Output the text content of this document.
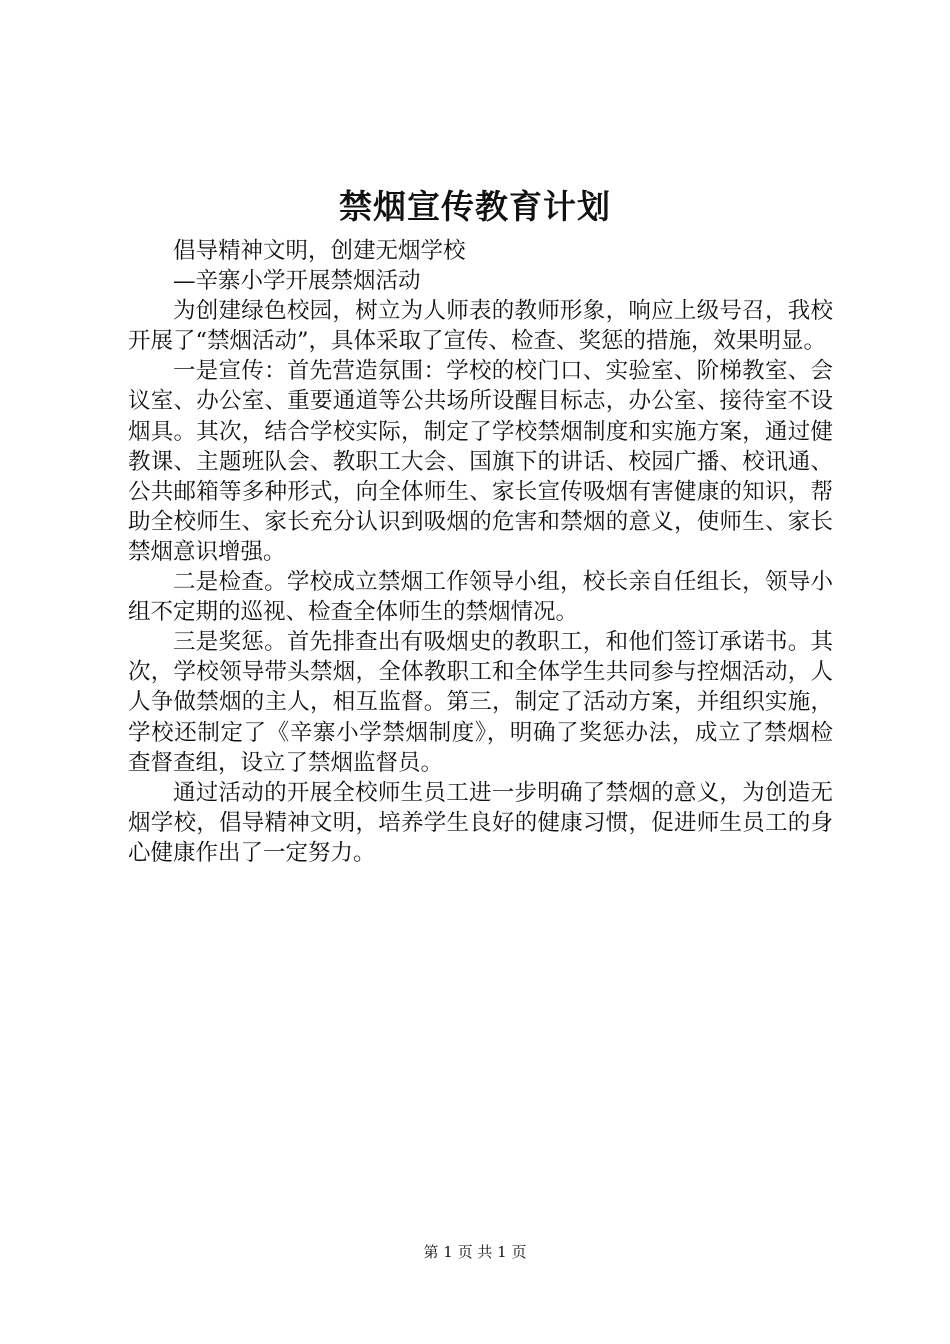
禁烟宣传教育计划

倡导精神文明，创建无烟学校

—辛寨小学开展禁烟活动

为创建绿色校园，树立为人师表的教师形象，响应上级号召，我校开展了“禁烟活动”，具体采取了宣传、检查、奖惩的措施，效果明显。

一是宣传：首先营造氛围：学校的校门口、实验室、阶梯教室、会议室、办公室、重要通道等公共场所设醒目标志，办公室、接待室不设烟具。其次，结合学校实际，制定了学校禁烟制度和实施方案，通过健教课、主题班队会、教职工大会、国旗下的讲话、校园广播、校讯通、公共邮箱等多种形式，向全体师生、家长宣传吸烟有害健康的知识，帮助全校师生、家长充分认识到吸烟的危害和禁烟的意义，使师生、家长禁烟意识增强。

二是检查。学校成立禁烟工作领导小组，校长亲自任组长，领导小组不定期的巡视、检查全体师生的禁烟情况。

三是奖惩。首先排查出有吸烟史的教职工，和他们签订承诺书。其次，学校领导带头禁烟，全体教职工和全体学生共同参与控烟活动，人人争做禁烟的主人，相互监督。第三，制定了活动方案，并组织实施，学校还制定了《辛寨小学禁烟制度》，明确了奖惩办法，成立了禁烟检查督查组，设立了禁烟监督员。

通过活动的开展全校师生员工进一步明确了禁烟的意义，为创造无烟学校，倡导精神文明，培养学生良好的健康习惯，促进师生员工的身心健康作出了一定努力。

第 1 页 共 1 页
